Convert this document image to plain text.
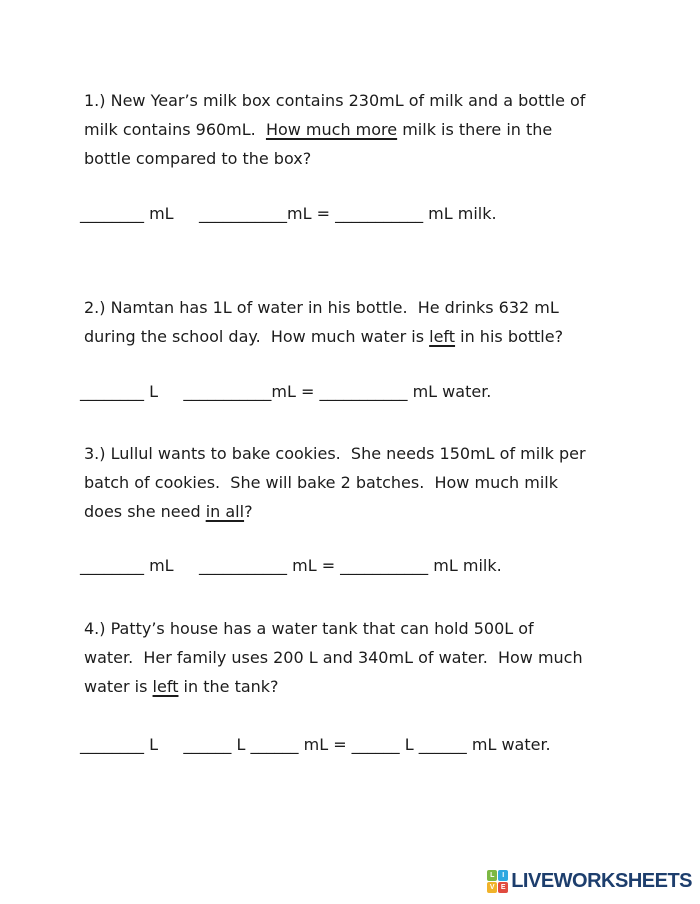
1.) New Year’s milk box contains 230mL of milk and a bottle of
milk contains 960mL.  How much more milk is there in the
bottle compared to the box?
________ mL     ___________mL = ___________ mL milk.
2.) Namtan has 1L of water in his bottle.  He drinks 632 mL
during the school day.  How much water is left in his bottle?
________ L     ___________mL = ___________ mL water.
3.) Lullul wants to bake cookies.  She needs 150mL of milk per
batch of cookies.  She will bake 2 batches.  How much milk
does she need in all?
________ mL     ___________ mL = ___________ mL milk.
4.) Patty’s house has a water tank that can hold 500L of
water.  Her family uses 200 L and 340mL of water.  How much
water is left in the tank?
________ L     ______ L ______ mL = ______ L ______ mL water.
L	I
V E LIVEWORKSHEETS
